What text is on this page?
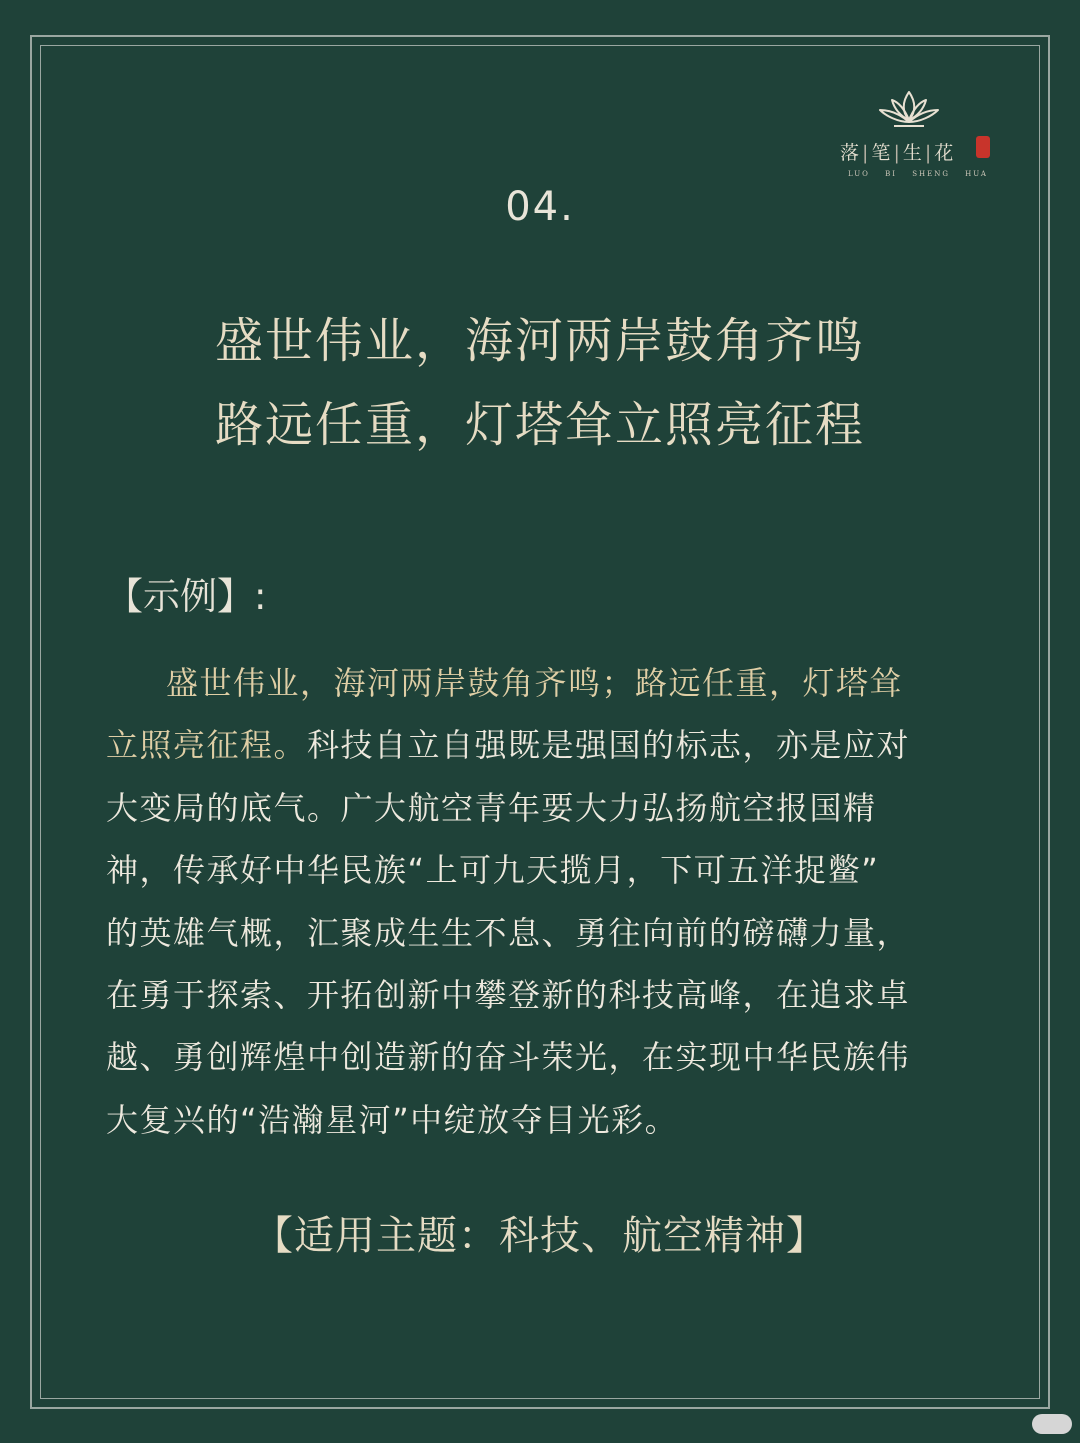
落 | 笔 | 生 | 花
LUO BI SHENG HUA
04.
盛世伟业，海河两岸鼓角齐鸣
路远任重，灯塔耸立照亮征程
【示例】:
盛世伟业，海河两岸鼓角齐鸣；路远任重，灯塔耸
立照亮征程。科技自立自强既是强国的标志，亦是应对
大变局的底气。广大航空青年要大力弘扬航空报国精
神，传承好中华民族“上可九天揽月，下可五洋捉鳖”
的英雄气概，汇聚成生生不息、勇往向前的磅礴力量，
在勇于探索、开拓创新中攀登新的科技高峰，在追求卓
越、勇创辉煌中创造新的奋斗荣光，在实现中华民族伟
大复兴的“浩瀚星河”中绽放夺目光彩。
【适用主题：科技、航空精神】
